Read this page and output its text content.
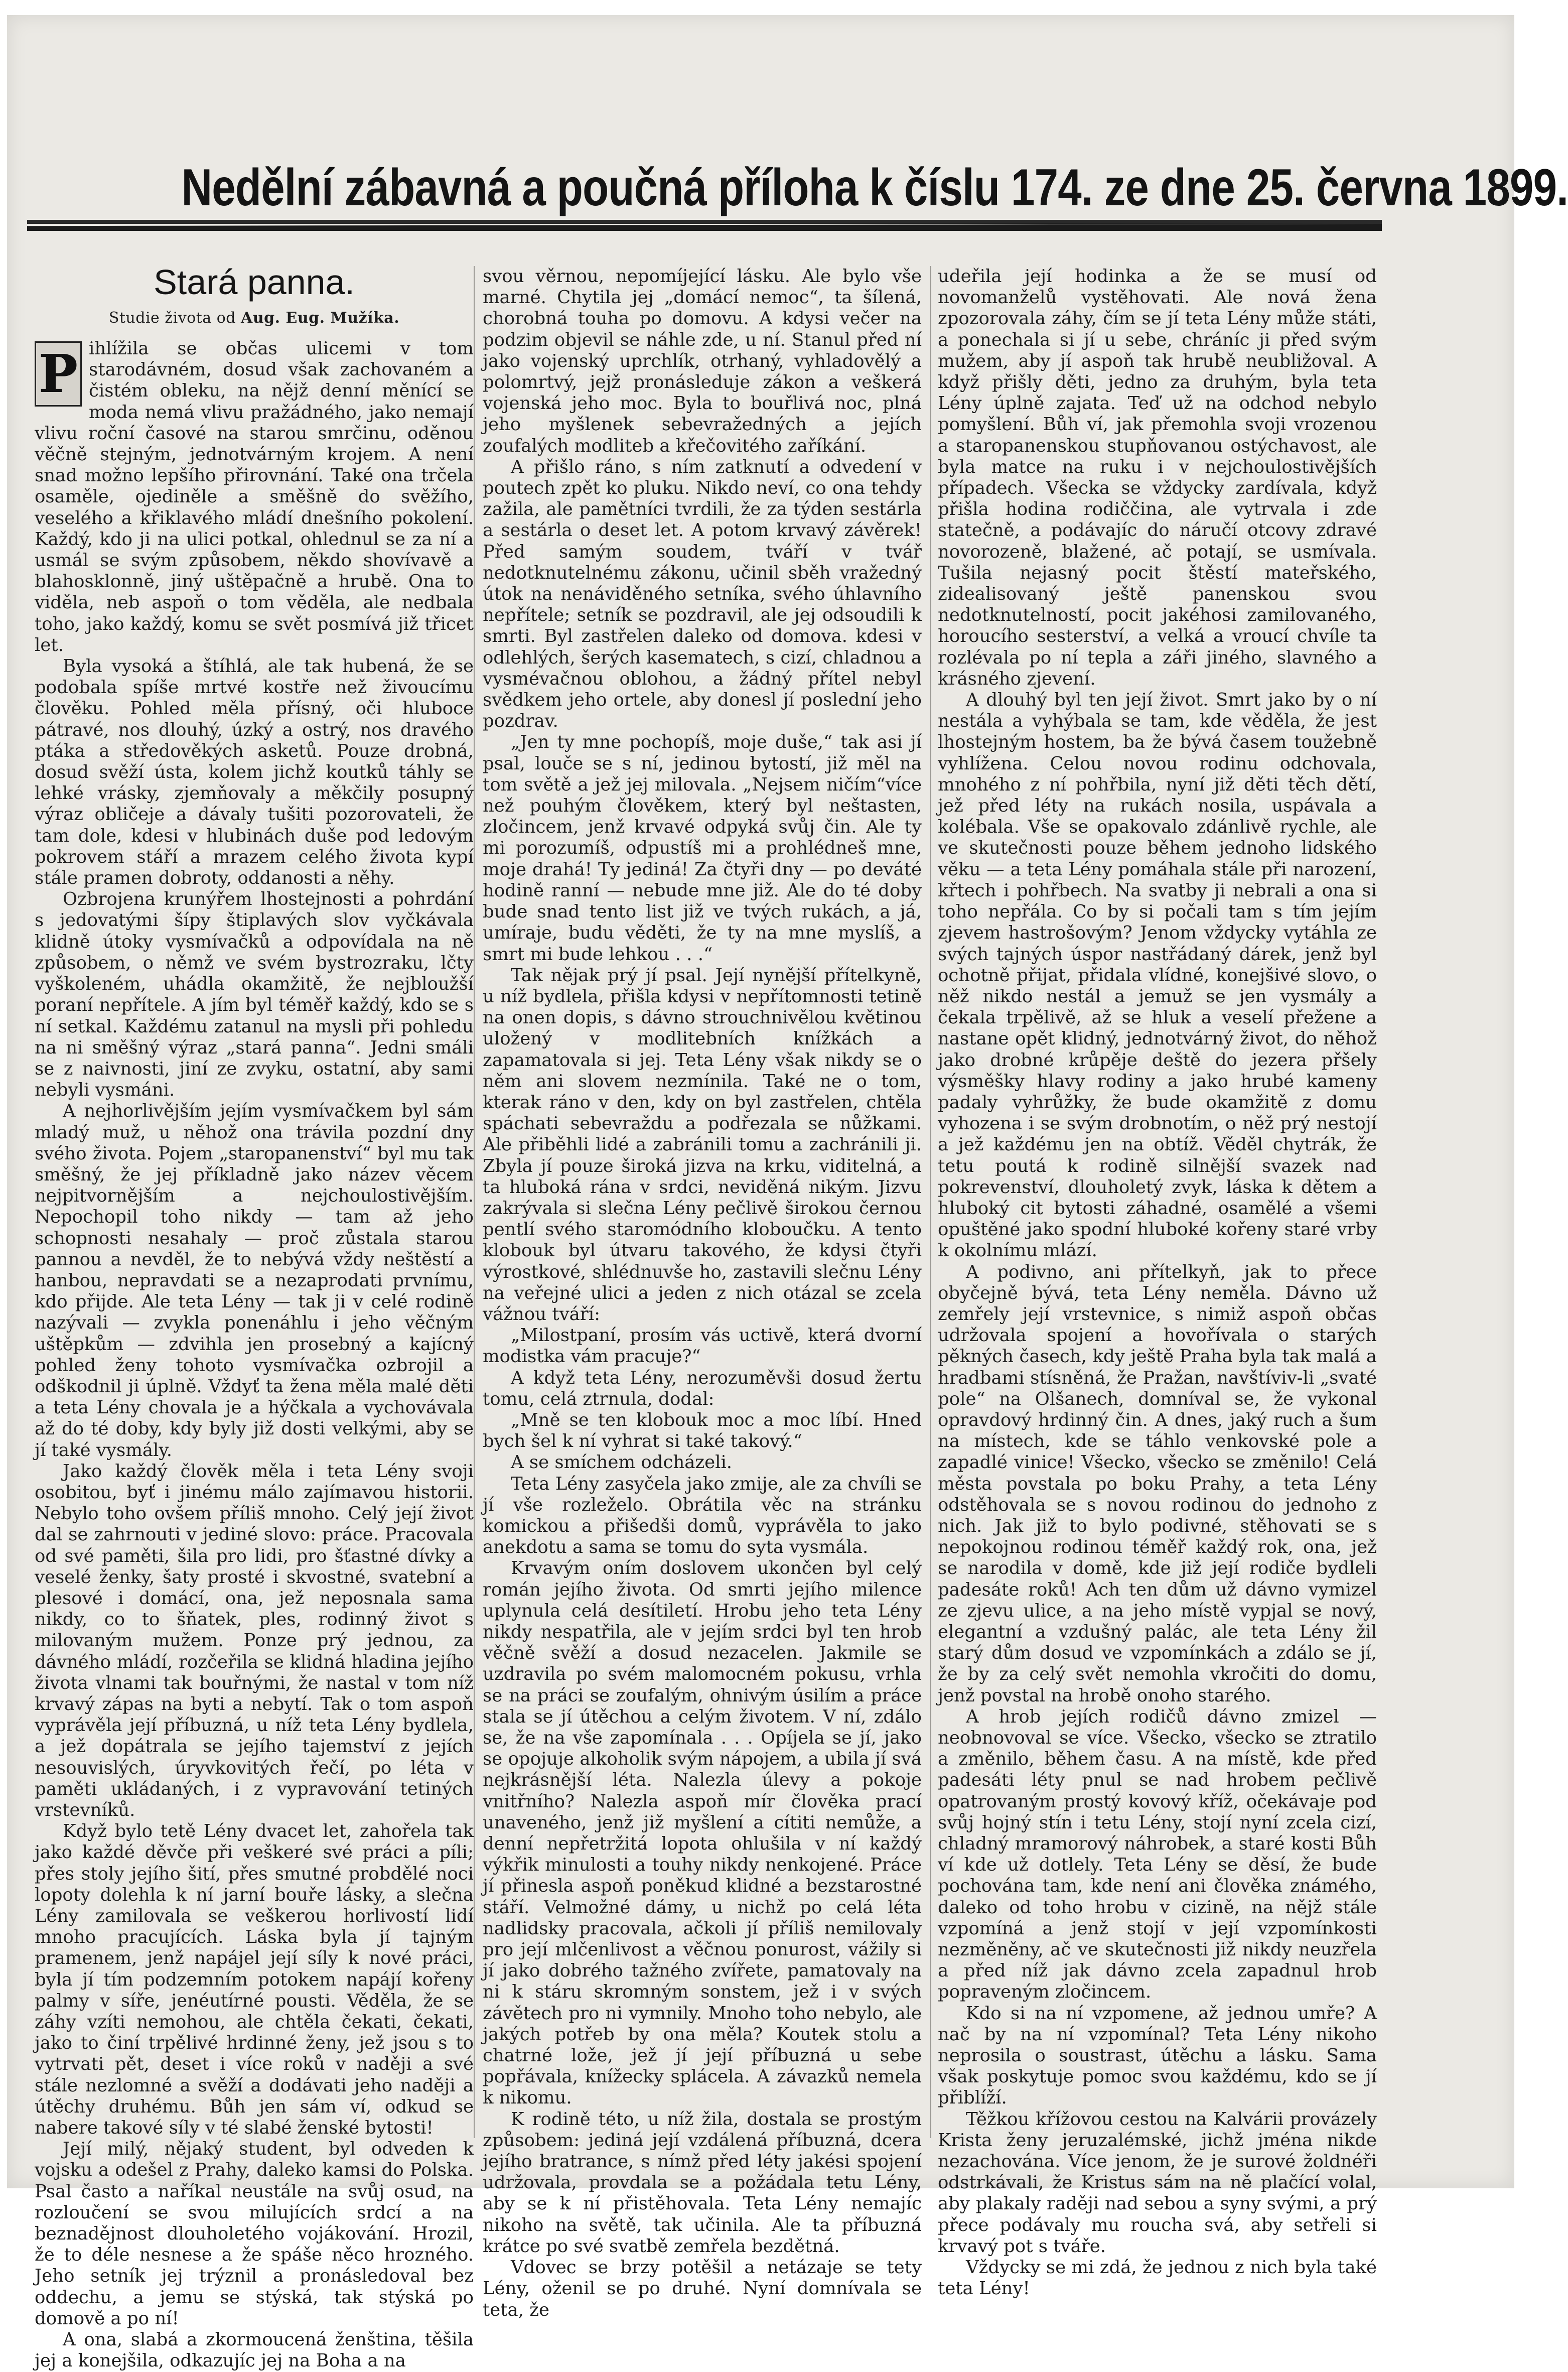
Nedělní zábavná a poučná příloha k číslu 174. ze dne 25. června 1899.
Stará panna.
Studie života od Aug. Eug. Mužíka.
P ihlížila se občas ulicemi v tom starodávném, dosud však zachovaném a čistém obleku, na nějž denní měnící se moda nemá vlivu pražádného, jako nemají vlivu roční časové na starou smrčinu, oděnou věčně stejným, jednotvárným krojem. A není snad možno lepšího přirovnání. Také ona trčela osaměle, ojediněle a směšně do svěžího, veselého a křiklavého mládí dnešního pokolení. Každý, kdo ji na ulici potkal, ohlednul se za ní a usmál se svým způsobem, někdo shovívavě a blahosklonně, jiný uštěpačně a hrubě. Ona to viděla, neb aspoň o tom věděla, ale nedbala toho, jako každý, komu se svět posmívá již třicet let.

Byla vysoká a štíhlá, ale tak hubená, že se podobala spíše mrtvé kostře než živoucímu člověku. Pohled měla přísný, oči hluboce pátravé, nos dlouhý, úzký a ostrý, nos dravého ptáka a středověkých asketů. Pouze drobná, dosud svěží ústa, kolem jichž koutků táhly se lehké vrásky, zjemňovaly a měkčily posupný výraz obličeje a dávaly tušiti pozorovateli, že tam dole, kdesi v hlubinách duše pod ledovým pokrovem stáří a mrazem celého života kypí stále pramen dobroty, oddanosti a něhy.

Ozbrojena krunýřem lhostejnosti a pohrdání s jedovatými šípy štiplavých slov vyčkávala klidně útoky vysmívačků a odpovídala na ně způsobem, o němž ve svém bystrozraku, lčty vyškoleném, uhádla okamžitě, že nejbloužší poraní nepřítele. A jím byl téměř každý, kdo se s ní setkal. Každému zatanul na mysli při pohledu na ni směšný výraz „stará panna“. Jedni smáli se z naivnosti, jiní ze zvyku, ostatní, aby sami nebyli vysmáni.

A nejhorlivějším jejím vysmívačkem byl sám mladý muž, u něhož ona trávila pozdní dny svého života. Pojem „staropanenství“ byl mu tak směšný, že jej příkladně jako název věcem nejpitvornějším a nejchoulostivějším. Nepochopil toho nikdy — tam až jeho schopnosti nesahaly — proč zůstala starou pannou a nevděl, že to nebývá vždy neštěstí a hanbou, nepravdati se a nezaprodati prvnímu, kdo přijde. Ale teta Lény — tak ji v celé rodině nazývali — zvykla ponenáhlu i jeho věčným uštěpkům — zdvihla jen prosebný a kajícný pohled ženy tohoto vysmívačka ozbrojil a odškodnil ji úplně. Vždyť ta žena měla malé děti a teta Lény chovala je a hýčkala a vychovávala až do té doby, kdy byly již dosti velkými, aby se jí také vysmály.

Jako každý člověk měla i teta Lény svoji osobitou, byť i jinému málo zajímavou historii. Nebylo toho ovšem příliš mnoho. Celý její život dal se zahrnouti v jediné slovo: práce. Pracovala od své paměti, šila pro lidi, pro šťastné dívky a veselé ženky, šaty prosté i skvostné, svatební a plesové i domácí, ona, jež neposnala sama nikdy, co to šňatek, ples, rodinný život s milovaným mužem. Ponze prý jednou, za dávného mládí, rozčeřila se klidná hladina jejího života vlnami tak bouřnými, že nastal v tom níž krvavý zápas na byti a nebytí. Tak o tom aspoň vyprávěla její příbuzná, u níž teta Lény bydlela, a jež dopátrala se jejího tajemství z jejích nesouvislých, úryvkovitých řečí, po léta v paměti ukládaných, i z vypravování tetiných vrstevníků.

Když bylo tetě Lény dvacet let, zahořela tak jako každé děvče při veškeré své práci a píli; přes stoly jejího šití, přes smutné probdělé noci lopoty dolehla k ní jarní bouře lásky, a slečna Lény zamilovala se veškerou horlivostí lidí mnoho pracujících. Láska byla jí tajným pramenem, jenž napájel její síly k nové práci, byla jí tím podzemním potokem napájí kořeny palmy v síře, jenéutírné pousti. Věděla, že se záhy vzíti nemohou, ale chtěla čekati, čekati, jako to činí trpělivé hrdinné ženy, jež jsou s to vytrvati pět, deset i více roků v naději a své stále nezlomné a svěží a dodávati jeho naději a útěchy druhému. Bůh jen sám ví, odkud se nabere takové síly v té slabé ženské bytosti!

Její milý, nějaký student, byl odveden k vojsku a odešel z Prahy, daleko kamsi do Polska. Psal často a naříkal neustále na svůj osud, na rozloučení se svou milujících srdcí a na beznadějnost dlouholetého vojákování. Hrozil, že to déle nesnese a že spáše něco hrozného. Jeho setník jej trýznil a pronásledoval bez oddechu, a jemu se stýská, tak stýská po domově a po ní!

A ona, slabá a zkormoucená ženština, těšila jej a konejšila, odkazujíc jej na Boha a na

svou věrnou, nepomíjející lásku. Ale bylo vše marné. Chytila jej „domácí nemoc“, ta šílená, chorobná touha po domovu. A kdysi večer na podzim objevil se náhle zde, u ní. Stanul před ní jako vojenský uprchlík, otrhaný, vyhladovělý a polomrtvý, jejž pronásleduje zákon a veškerá vojenská jeho moc. Byla to bouřlivá noc, plná jeho myšlenek sebevražedných a jejích zoufalých modliteb a křečovitého zaříkání.

A přišlo ráno, s ním zatknutí a odvedení v poutech zpět ko pluku. Nikdo neví, co ona tehdy zažila, ale pamětníci tvrdili, že za týden sestárla a sestárla o deset let. A potom krvavý závěrek! Před samým soudem, tváří v tvář nedotknutelnému zákonu, učinil sběh vražedný útok na nenáviděného setníka, svého úhlavního nepřítele; setník se pozdravil, ale jej odsoudili k smrti. Byl zastřelen daleko od domova. kdesi v odlehlých, šerých kasematech, s cizí, chladnou a vysmévačnou oblohou, a žádný přítel nebyl svědkem jeho ortele, aby donesl jí poslední jeho pozdrav.

„Jen ty mne pochopíš, moje duše,“ tak asi jí psal, louče se s ní, jedinou bytostí, již měl na tom světě a jež jej milovala. „Nejsem ničím“více než pouhým člověkem, který byl neštasten, zločincem, jenž krvavé odpyká svůj čin. Ale ty mi porozumíš, odpustíš mi a prohlédneš mne, moje drahá! Ty jediná! Za čtyři dny — po deváté hodině ranní — nebude mne již. Ale do té doby bude snad tento list již ve tvých rukách, a já, umíraje, budu věděti, že ty na mne myslíš, a smrt mi bude lehkou . . .“

Tak nějak prý jí psal. Její nynější přítelkyně, u níž bydlela, přišla kdysi v nepřítomnosti tetině na onen dopis, s dávno strouchnivělou květinou uložený v modlitebních knížkách a zapamatovala si jej. Teta Lény však nikdy se o něm ani slovem nezmínila. Také ne o tom, kterak ráno v den, kdy on byl zastřelen, chtěla spáchati sebevraždu a podřezala se nůžkami. Ale přiběhli lidé a zabránili tomu a zachránili ji. Zbyla jí pouze široká jizva na krku, viditelná, a ta hluboká rána v srdci, neviděná nikým. Jizvu zakrývala si slečna Lény pečlivě širokou černou pentlí svého staromódního kloboučku. A tento klobouk byl útvaru takového, že kdysi čtyři výrostkové, shlédnuvše ho, zastavili slečnu Lény na veřejné ulici a jeden z nich otázal se zcela vážnou tváří:

„Milostpaní, prosím vás uctivě, která dvorní modistka vám pracuje?“

A když teta Lény, nerozuměvši dosud žertu tomu, celá ztrnula, dodal:

„Mně se ten klobouk moc a moc líbí. Hned bych šel k ní vyhrat si také takový.“

A se smíchem odcházeli.

Teta Lény zasyčela jako zmije, ale za chvíli se jí vše rozleželo. Obrátila věc na stránku komickou a přišedši domů, vyprávěla to jako anekdotu a sama se tomu do syta vysmála.

Krvavým oním doslovem ukončen byl celý román jejího života. Od smrti jejího milence uplynula celá desítiletí. Hrobu jeho teta Lény nikdy nespatřila, ale v jejím srdci byl ten hrob věčně svěží a dosud nezacelen. Jakmile se uzdravila po svém malomocném pokusu, vrhla se na práci se zoufalým, ohnivým úsilím a práce stala se jí útěchou a celým životem. V ní, zdálo se, že na vše zapomínala . . . Opíjela se jí, jako se opojuje alkoholik svým nápojem, a ubila jí svá nejkrásnější léta. Nalezla úlevy a pokoje vnitřního? Nalezla aspoň mír člověka prací unaveného, jenž již myšlení a cítiti nemůže, a denní nepřetržitá lopota ohlušila v ní každý výkřik minulosti a touhy nikdy nenkojené. Práce jí přinesla aspoň poněkud klidné a bezstarostné stáří. Velmožné dámy, u nichž po celá léta nadlidsky pracovala, ačkoli jí příliš nemilovaly pro její mlčenlivost a věčnou ponurost, vážily si jí jako dobrého tažného zvířete, pamatovaly na ni k stáru skromným sonstem, jež i v svých závětech pro ni vymnily. Mnoho toho nebylo, ale jakých potřeb by ona měla? Koutek stolu a chatrné lože, jež jí její příbuzná u sebe popřávala, knížecky splácela. A závazků nemela k nikomu.

K rodině této, u níž žila, dostala se prostým způsobem: jediná její vzdálená příbuzná, dcera jejího bratrance, s nímž před léty jakési spojení udržovala, provdala se a požádala tetu Lény, aby se k ní přistěhovala. Teta Lény nemajíc nikoho na světě, tak učinila. Ale ta příbuzná krátce po své svatbě zemřela bezdětná.

Vdovec se brzy potěšil a netázaje se tety Lény, oženil se po druhé. Nyní domnívala se teta, že

udeřila její hodinka a že se musí od novomanželů vystěhovati. Ale nová žena zpozorovala záhy, čím se jí teta Lény může státi, a ponechala si jí u sebe, chráníc ji před svým mužem, aby jí aspoň tak hrubě neubližoval. A když přišly děti, jedno za druhým, byla teta Lény úplně zajata. Teď už na odchod nebylo pomyšlení. Bůh ví, jak přemohla svoji vrozenou a staropanenskou stupňovanou ostýchavost, ale byla matce na ruku i v nejchoulostivějších případech. Všecka se vždycky zardívala, když přišla hodina rodiččina, ale vytrvala i zde statečně, a podávajíc do náručí otcovy zdravé novorozeně, blažené, ač potají, se usmívala. Tušila nejasný pocit štěstí mateřského, zidealisovaný ještě panenskou svou nedotknutelností, pocit jakéhosi zamilovaného, horoucího sesterství, a velká a vroucí chvíle ta rozlévala po ní tepla a záři jiného, slavného a krásného zjevení.

A dlouhý byl ten její život. Smrt jako by o ní nestála a vyhýbala se tam, kde věděla, že jest lhostejným hostem, ba že bývá časem toužebně vyhlížena. Celou novou rodinu odchovala, mnohého z ní pohřbila, nyní již děti těch dětí, jež před léty na rukách nosila, uspávala a kolébala. Vše se opakovalo zdánlivě rychle, ale ve skutečnosti pouze během jednoho lidského věku — a teta Lény pomáhala stále při narození, křtech i pohřbech. Na svatby ji nebrali a ona si toho nepřála. Co by si počali tam s tím jejím zjevem hastrošovým? Jenom vždycky vytáhla ze svých tajných úspor nastřádaný dárek, jenž byl ochotně přijat, přidala vlídné, konejšivé slovo, o něž nikdo nestál a jemuž se jen vysmály a čekala trpělivě, až se hluk a veselí přežene a nastane opět klidný, jednotvárný život, do něhož jako drobné krůpěje deště do jezera přšely výsměšky hlavy rodiny a jako hrubé kameny padaly vyhrůžky, že bude okamžitě z domu vyhozena i se svým drobnotím, o něž prý nestojí a jež každému jen na obtíž. Věděl chytrák, že tetu poutá k rodině silnější svazek nad pokrevenství, dlouholetý zvyk, láska k dětem a hluboký cit bytosti záhadné, osamělé a všemi opuštěné jako spodní hluboké kořeny staré vrby k okolnímu mlází.

A podivno, ani přítelkyň, jak to přece obyčejně bývá, teta Lény neměla. Dávno už zemřely její vrstevnice, s nimiž aspoň občas udržovala spojení a hovořívala o starých pěkných časech, kdy ještě Praha byla tak malá a hradbami stísněná, že Pražan, navštíviv-li „svaté pole“ na Olšanech, domníval se, že vykonal opravdový hrdinný čin. A dnes, jaký ruch a šum na místech, kde se táhlo venkovské pole a zapadlé vinice! Všecko, všecko se změnilo! Celá města povstala po boku Prahy, a teta Lény odstěhovala se s novou rodinou do jednoho z nich. Jak již to bylo podivné, stěhovati se s nepokojnou rodinou téměř každý rok, ona, jež se narodila v domě, kde již její rodiče bydleli padesáte roků! Ach ten dům už dávno vymizel ze zjevu ulice, a na jeho místě vypjal se nový, elegantní a vzdušný palác, ale teta Lény žil starý dům dosud ve vzpomínkách a zdálo se jí, že by za celý svět nemohla vkročiti do domu, jenž povstal na hrobě onoho starého.

A hrob jejích rodičů dávno zmizel — neobnovoval se více. Všecko, všecko se ztratilo a změnilo, během času. A na místě, kde před padesáti léty pnul se nad hrobem pečlivě opatrovaným prostý kovový kříž, očekávaje pod svůj hojný stín i tetu Lény, stojí nyní zcela cizí, chladný mramorový náhrobek, a staré kosti Bůh ví kde už dotlely. Teta Lény se děsí, že bude pochována tam, kde není ani člověka známého, daleko od toho hrobu v cizině, na nějž stále vzpomíná a jenž stojí v její vzpomínkosti nezměněny, ač ve skutečnosti již nikdy neuzřela a před níž jak dávno zcela zapadnul hrob popraveným zločincem.

Kdo si na ní vzpomene, až jednou umře? A nač by na ní vzpomínal? Teta Lény nikoho neprosila o soustrast, útěchu a lásku. Sama však poskytuje pomoc svou každému, kdo se jí přiblíží.

Těžkou křížovou cestou na Kalvárii provázely Krista ženy jeruzalémské, jichž jména nikde nezachována. Více jenom, že je surové žoldnéři odstrkávali, že Kristus sám na ně plačící volal, aby plakaly raději nad sebou a syny svými, a prý přece podávaly mu roucha svá, aby setřeli si krvavý pot s tváře.

Vždycky se mi zdá, že jednou z nich byla také teta Lény!
